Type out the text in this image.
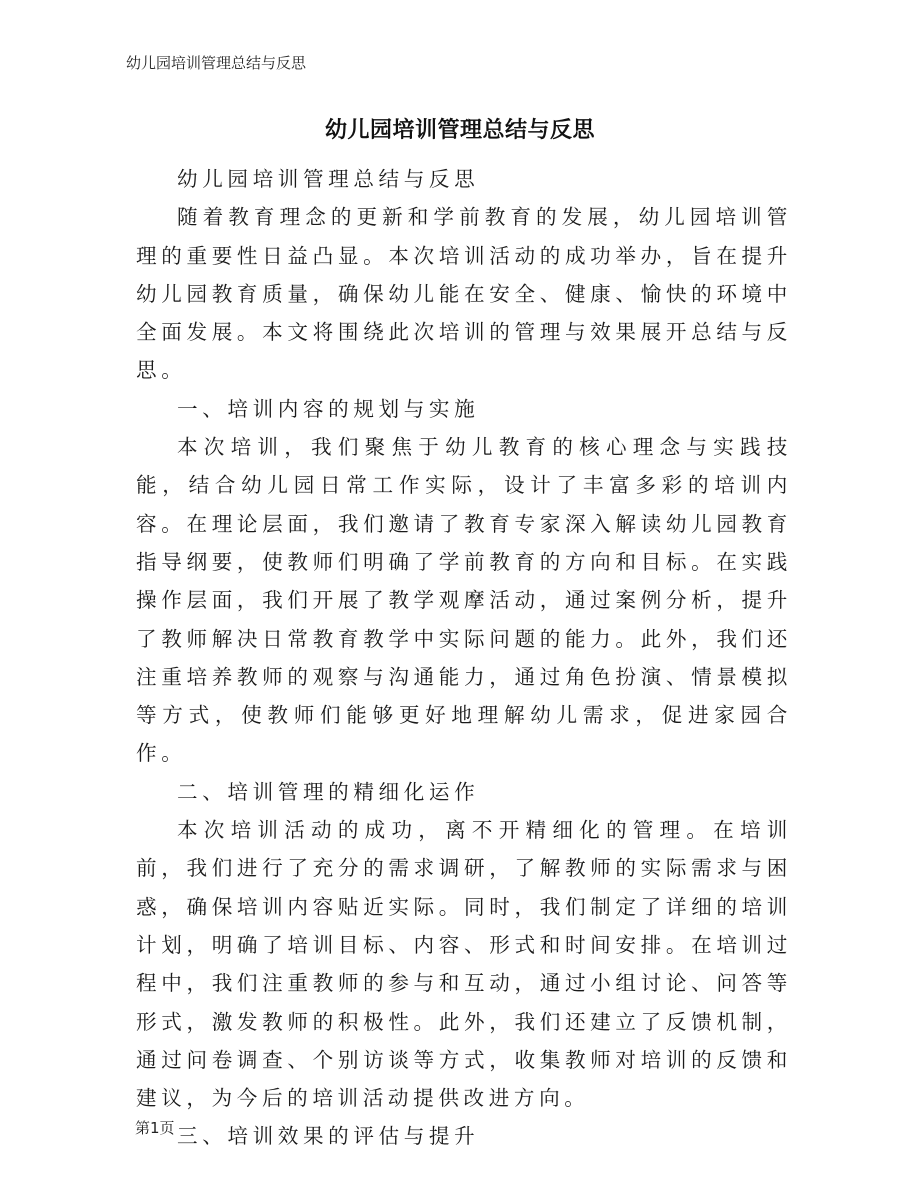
幼儿园培训管理总结与反思
幼儿园培训管理总结与反思

幼儿园培训管理总结与反思

随着教育理念的更新和学前教育的发展，幼儿园培训管理的重要性日益凸显。本次培训活动的成功举办，旨在提升幼儿园教育质量，确保幼儿能在安全、健康、愉快的环境中全面发展。本文将围绕此次培训的管理与效果展开总结与反思。

一、培训内容的规划与实施

本次培训，我们聚焦于幼儿教育的核心理念与实践技能，结合幼儿园日常工作实际，设计了丰富多彩的培训内容。在理论层面，我们邀请了教育专家深入解读幼儿园教育指导纲要，使教师们明确了学前教育的方向和目标。在实践操作层面，我们开展了教学观摩活动，通过案例分析，提升了教师解决日常教育教学中实际问题的能力。此外，我们还注重培养教师的观察与沟通能力，通过角色扮演、情景模拟等方式，使教师们能够更好地理解幼儿需求，促进家园合作。

二、培训管理的精细化运作

本次培训活动的成功，离不开精细化的管理。在培训前，我们进行了充分的需求调研，了解教师的实际需求与困惑，确保培训内容贴近实际。同时，我们制定了详细的培训计划，明确了培训目标、内容、形式和时间安排。在培训过程中，我们注重教师的参与和互动，通过小组讨论、问答等形式，激发教师的积极性。此外，我们还建立了反馈机制，通过问卷调查、个别访谈等方式，收集教师对培训的反馈和建议，为今后的培训活动提供改进方向。

三、培训效果的评估与提升

第1页
